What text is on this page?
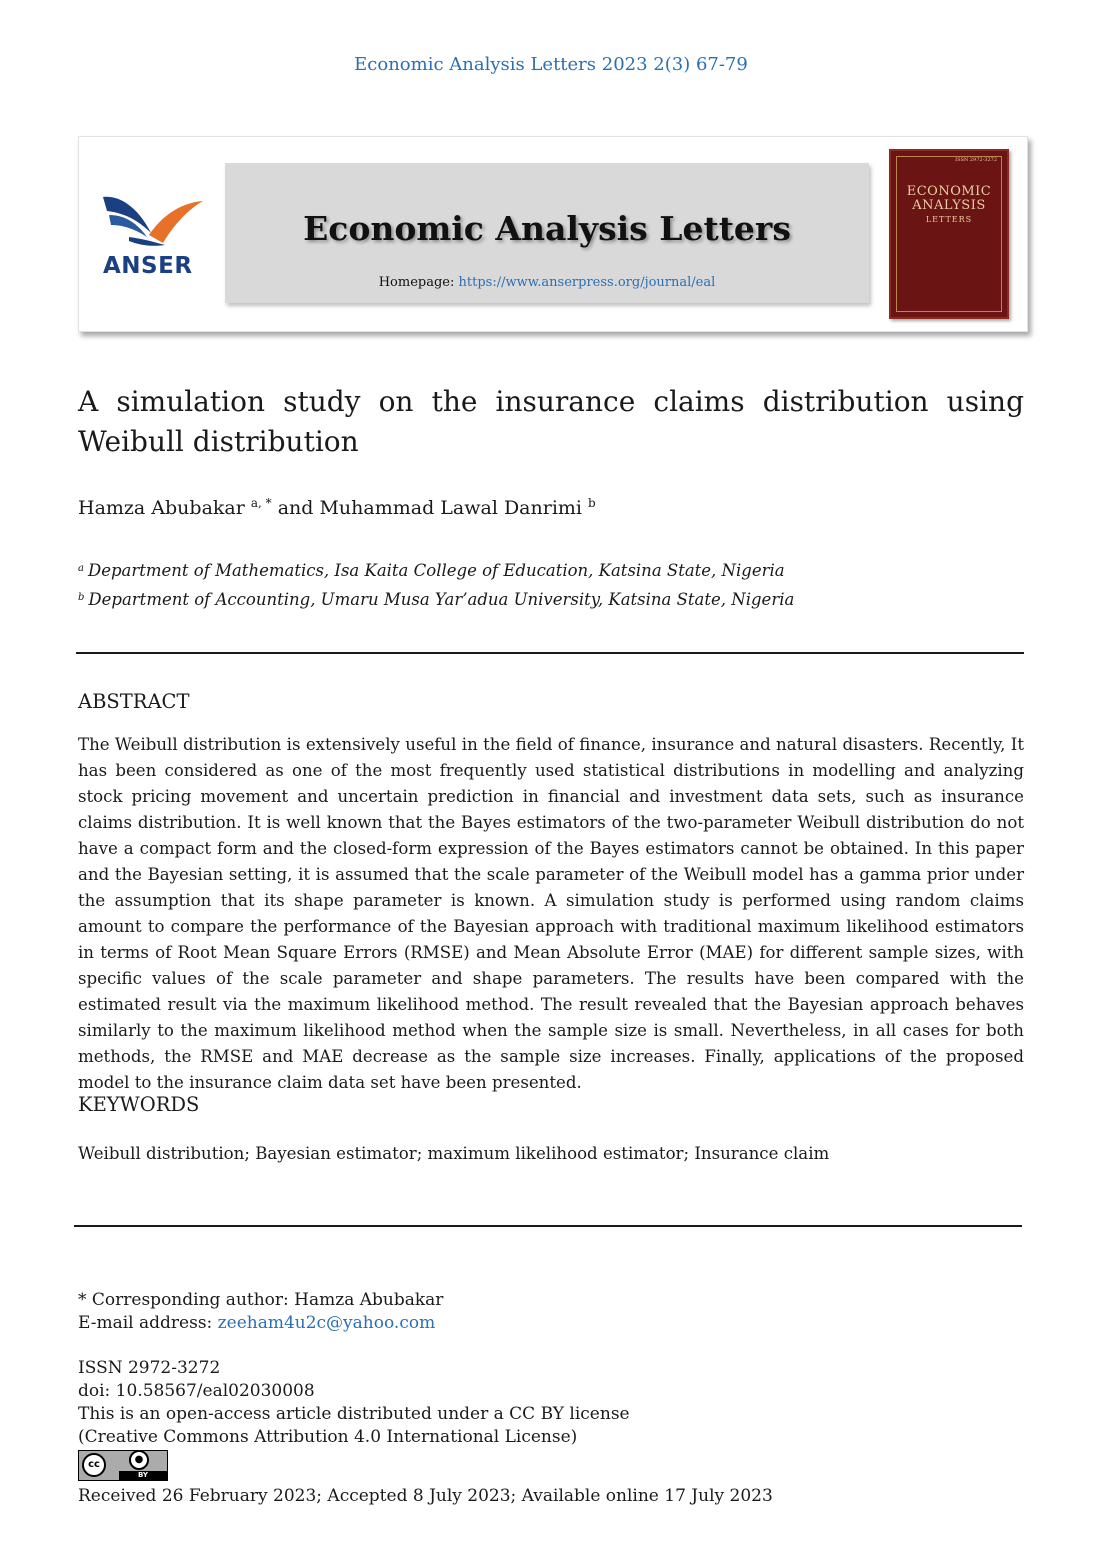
Economic Analysis Letters 2023 2(3) 67-79
ANSER
Economic Analysis Letters
Homepage: https://www.anserpress.org/journal/eal
ISSN 2972-3272
ECONOMIC
ANALYSIS
LETTERS
A simulation study on the insurance claims distribution using Weibull distribution
Hamza Abubakar $^{a, *}$ and Muhammad Lawal Danrimi $^b$
$^a$ Department of Mathematics, Isa Kaita College of Education, Katsina State, Nigeria
$^b$ Department of Accounting, Umaru Musa Yar’adua University, Katsina State, Nigeria
ABSTRACT
The Weibull distribution is extensively useful in the field of finance, insurance and natural disasters. Recently, It has been considered as one of the most frequently used statistical distributions in modelling and analyzing stock pricing movement and uncertain prediction in financial and investment data sets, such as insurance claims distribution. It is well known that the Bayes estimators of the two-parameter Weibull distribution do not have a compact form and the closed-form expression of the Bayes estimators cannot be obtained. In this paper and the Bayesian setting, it is assumed that the scale parameter of the Weibull model has a gamma prior under the assumption that its shape parameter is known. A simulation study is performed using random claims amount to compare the performance of the Bayesian approach with traditional maximum likelihood estimators in terms of Root Mean Square Errors (RMSE) and Mean Absolute Error (MAE) for different sample sizes, with specific values of the scale parameter and shape parameters. The results have been compared with the estimated result via the maximum likelihood method. The result revealed that the Bayesian approach behaves similarly to the maximum likelihood method when the sample size is small. Nevertheless, in all cases for both methods, the RMSE and MAE decrease as the sample size increases. Finally, applications of the proposed model to the insurance claim data set have been presented.
KEYWORDS
Weibull distribution; Bayesian estimator; maximum likelihood estimator; Insurance claim
* Corresponding author: Hamza Abubakar
E-mail address: zeeham4u2c@yahoo.com
ISSN 2972-3272
doi: 10.58567/eal02030008
This is an open-access article distributed under a CC BY license
(Creative Commons Attribution 4.0 International License)
cc	●
BY
Received 26 February 2023; Accepted 8 July 2023; Available online 17 July 2023
